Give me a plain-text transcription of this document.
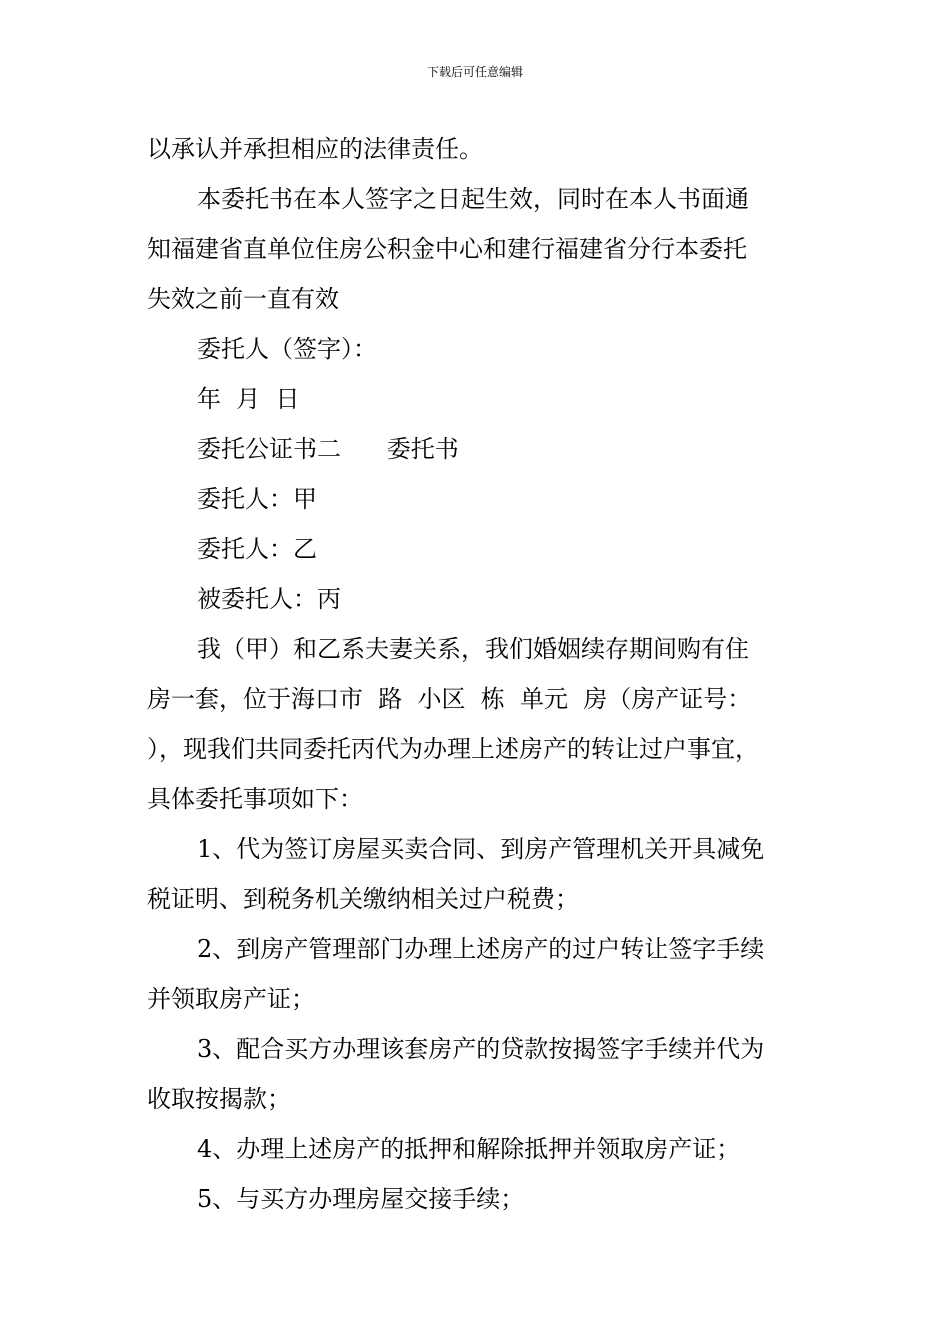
下载后可任意编辑
以承认并承担相应的法律责任。
本委托书在本人签字之日起生效，同时在本人书面通
知福建省直单位住房公积金中心和建行福建省分行本委托
失效之前一直有效
委托人（签字）：
年  月  日
委托公证书二      委托书
委托人：甲
委托人：乙
被委托人：丙
我（甲）和乙系夫妻关系，我们婚姻续存期间购有住
房一套，位于海口市  路  小区  栋  单元  房（房产证号：
），现我们共同委托丙代为办理上述房产的转让过户事宜，
具体委托事项如下：
1、代为签订房屋买卖合同、到房产管理机关开具减免
税证明、到税务机关缴纳相关过户税费；
2、到房产管理部门办理上述房产的过户转让签字手续
并领取房产证；
3、配合买方办理该套房产的贷款按揭签字手续并代为
收取按揭款；
4、办理上述房产的抵押和解除抵押并领取房产证；
5、与买方办理房屋交接手续；
